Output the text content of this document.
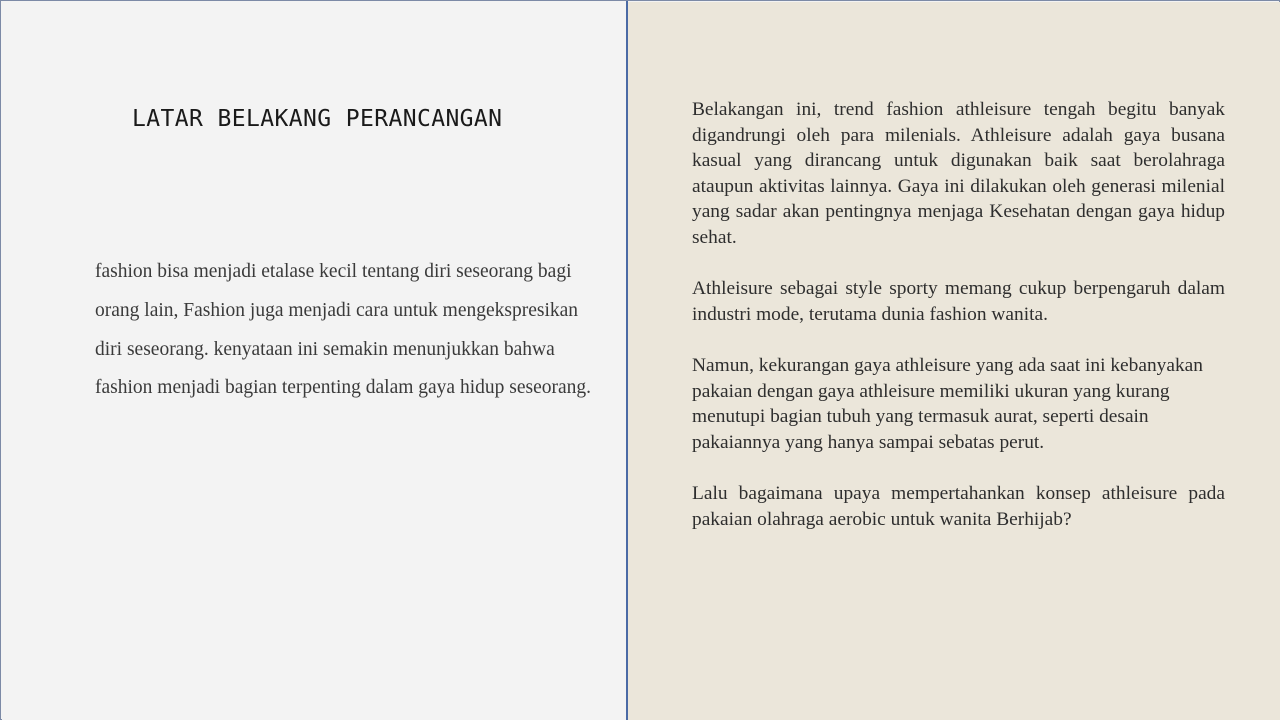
LATAR BELAKANG PERANCANGAN

fashion bisa menjadi etalase kecil tentang diri seseorang bagi orang lain, Fashion juga menjadi cara untuk mengekspresikan diri seseorang. kenyataan ini semakin menunjukkan bahwa fashion menjadi bagian terpenting dalam gaya hidup seseorang.

Belakangan ini, trend fashion athleisure tengah begitu banyak digandrungi oleh para milenials. Athleisure adalah gaya busana kasual yang dirancang untuk digunakan baik saat berolahraga ataupun aktivitas lainnya. Gaya ini dilakukan oleh generasi milenial yang sadar akan pentingnya menjaga Kesehatan dengan gaya hidup sehat.

Athleisure sebagai style sporty memang cukup berpengaruh dalam industri mode, terutama dunia fashion wanita.

Namun, kekurangan gaya athleisure yang ada saat ini kebanyakan pakaian dengan gaya athleisure memiliki ukuran yang kurang menutupi bagian tubuh yang termasuk aurat, seperti desain pakaiannya yang hanya sampai sebatas perut.

Lalu bagaimana upaya mempertahankan konsep athleisure pada pakaian olahraga aerobic untuk wanita Berhijab?
